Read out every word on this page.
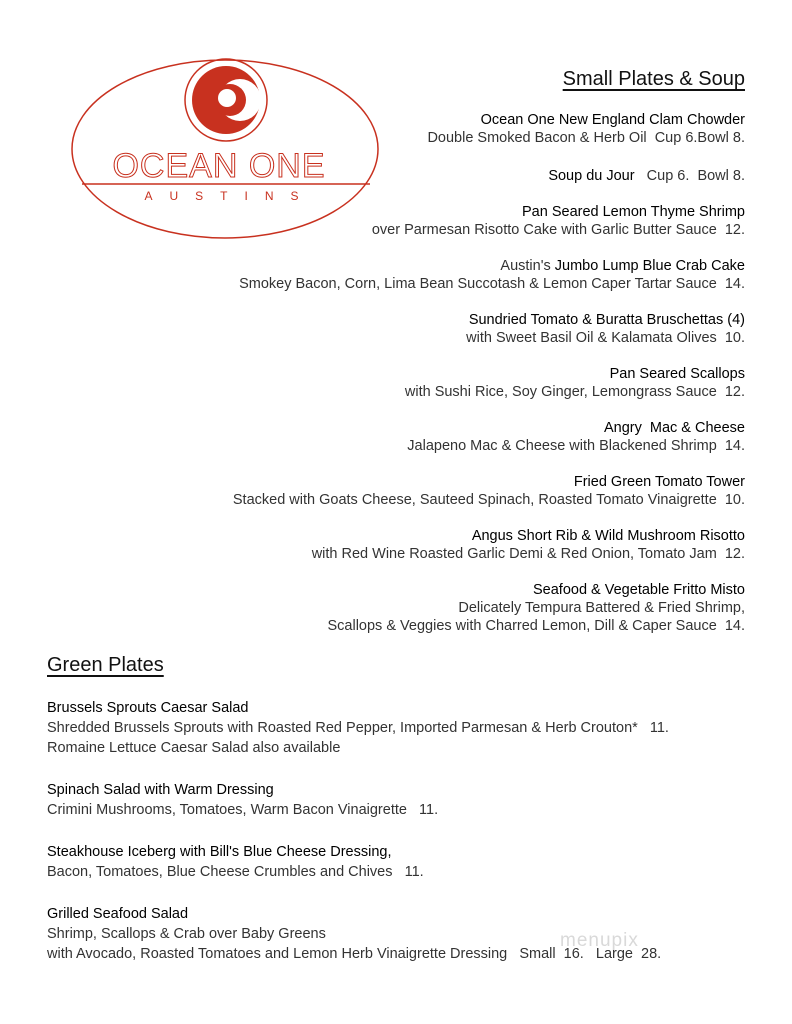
OCEAN ONE
AUSTINS
Small Plates & Soup
Ocean One New England Clam Chowder
Double Smoked Bacon & Herb Oil  Cup 6.Bowl 8.
Soup du Jour Cup 6.  Bowl 8.
Pan Seared Lemon Thyme Shrimp
over Parmesan Risotto Cake with Garlic Butter Sauce  12.
Austin's Jumbo Lump Blue Crab Cake
Smokey Bacon, Corn, Lima Bean Succotash & Lemon Caper Tartar Sauce  14.
Sundried Tomato & Buratta Bruschettas (4)
with Sweet Basil Oil & Kalamata Olives  10.
Pan Seared Scallops
with Sushi Rice, Soy Ginger, Lemongrass Sauce  12.
Angry  Mac & Cheese
Jalapeno Mac & Cheese with Blackened Shrimp  14.
Fried Green Tomato Tower
Stacked with Goats Cheese, Sauteed Spinach, Roasted Tomato Vinaigrette  10.
Angus Short Rib & Wild Mushroom Risotto
with Red Wine Roasted Garlic Demi & Red Onion, Tomato Jam  12.
Seafood & Vegetable Fritto Misto
Delicately Tempura Battered & Fried Shrimp,
Scallops & Veggies with Charred Lemon, Dill & Caper Sauce  14.
Green Plates
Brussels Sprouts Caesar Salad
Shredded Brussels Sprouts with Roasted Red Pepper, Imported Parmesan & Herb Crouton*   11.
Romaine Lettuce Caesar Salad also available
Spinach Salad with Warm Dressing
Crimini Mushrooms, Tomatoes, Warm Bacon Vinaigrette   11.
Steakhouse Iceberg with Bill's Blue Cheese Dressing,
Bacon, Tomatoes, Blue Cheese Crumbles and Chives   11.
Grilled Seafood Salad
Shrimp, Scallops & Crab over Baby Greens
with Avocado, Roasted Tomatoes and Lemon Herb Vinaigrette Dressing   Small  16.   Large  28.
menupix
